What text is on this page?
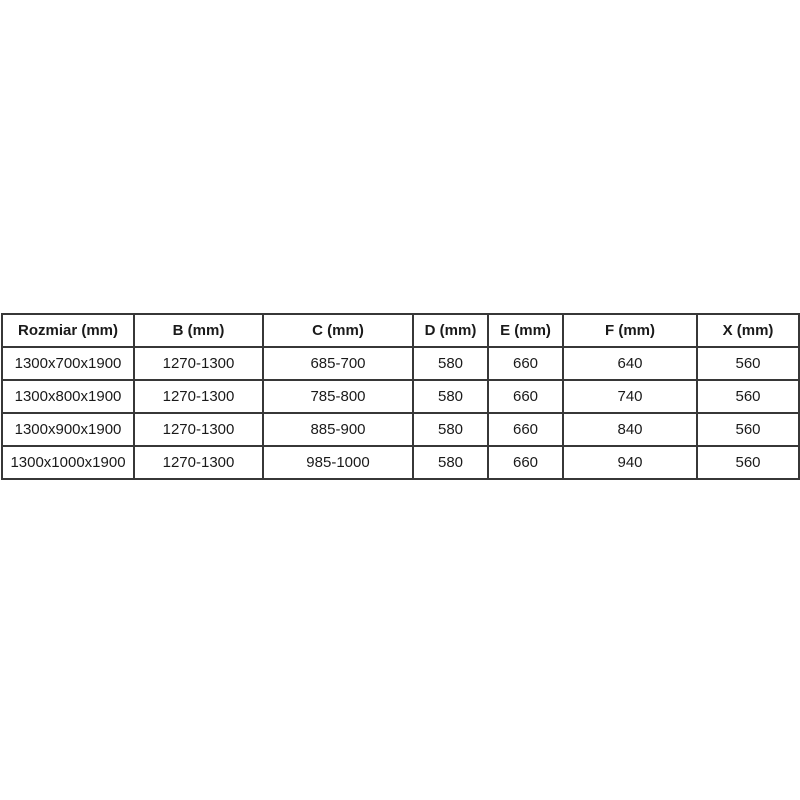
Rozmiar (mm)	B (mm)	C (mm)	D (mm)	E (mm)	F (mm)	X (mm)
1300x700x1900	1270-1300	685-700	580	660	640	560
1300x800x1900	1270-1300	785-800	580	660	740	560
1300x900x1900	1270-1300	885-900	580	660	840	560
1300x1000x1900	1270-1300	985-1000	580	660	940	560
